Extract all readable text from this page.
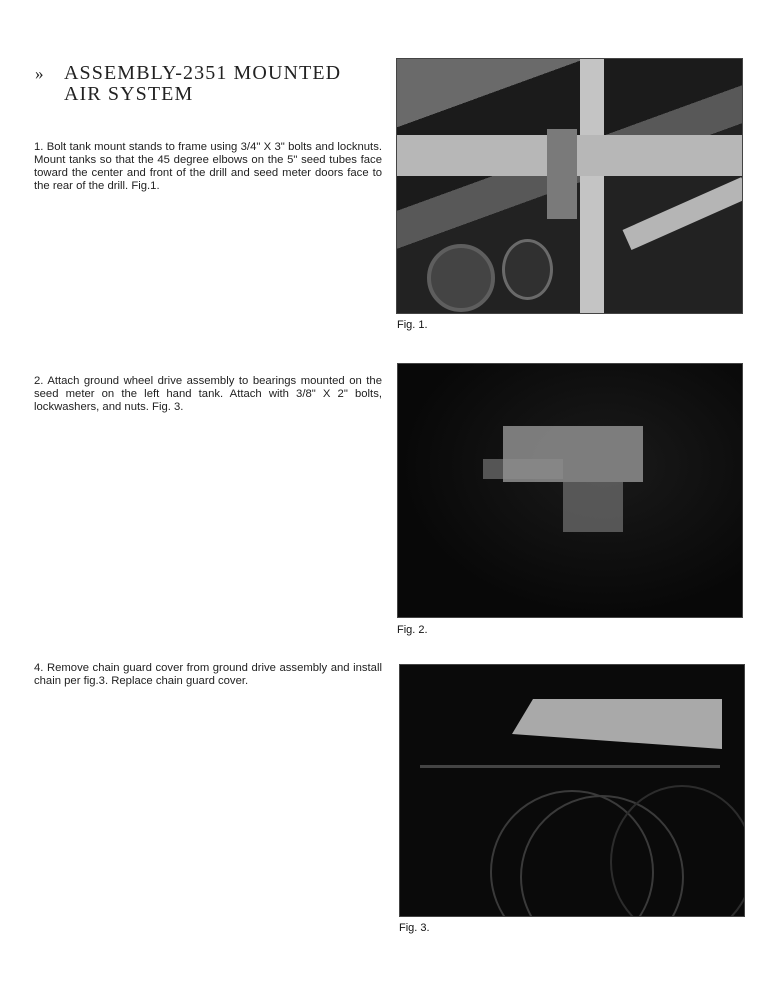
» ASSEMBLY-2351 MOUNTED
AIR SYSTEM

1. Bolt tank mount stands to frame using 3/4" X 3" bolts and locknuts. Mount tanks so that the 45 degree elbows on the 5" seed tubes face toward the center and front of the drill and seed meter doors face to the rear of the drill. Fig.1.

2. Attach ground wheel drive assembly to bearings mounted on the seed meter on the left hand tank. Attach with 3/8" X 2" bolts, lockwashers, and nuts. Fig. 3.

4. Remove chain guard cover from ground drive assembly and install chain per fig.3. Replace chain guard cover.

Fig. 1.
Fig. 2.
Fig. 3.
